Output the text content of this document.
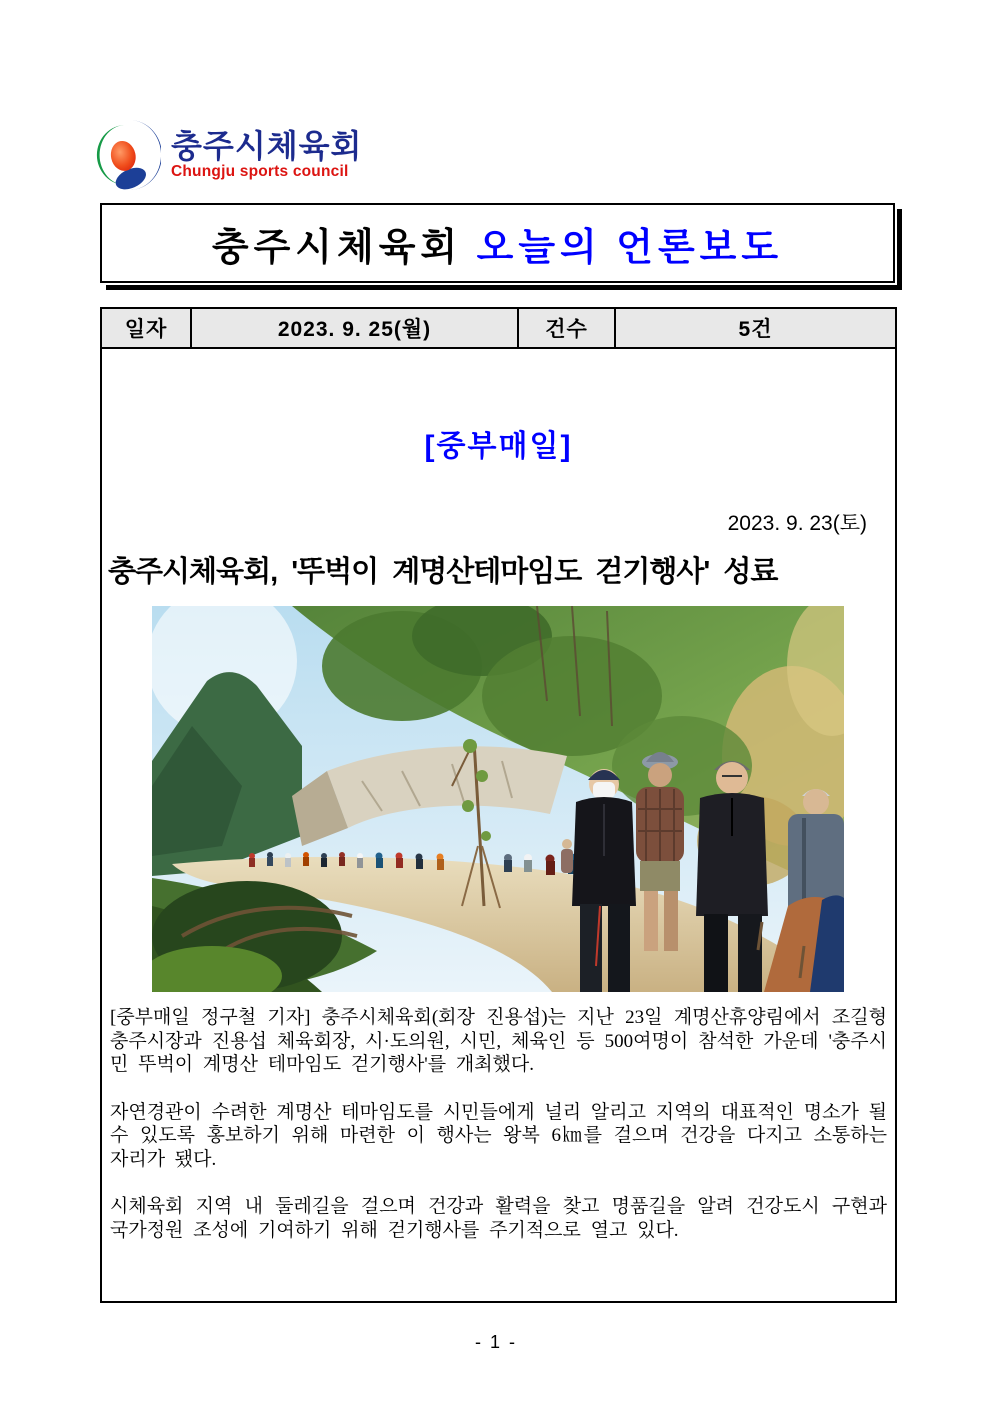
충주시체육회
Chungju sports council
충주시체육회 오늘의 언론보도
일자	2023. 9. 25(월)	건수	5건
[중부매일]
2023. 9. 23(토)
충주시체육회, '뚜벅이 계명산테마임도 걷기행사' 성료

[중부매일 정구철 기자] 충주시체육회(회장 진용섭)는 지난 23일 계명산휴양림에서 조길형 충주시장과 진용섭 체육회장, 시·도의원, 시민, 체육인 등 500여명이 참석한 가운데 '충주시민 뚜벅이 계명산 테마임도 걷기행사'를 개최했다.

자연경관이 수려한 계명산 테마임도를 시민들에게 널리 알리고 지역의 대표적인 명소가 될 수 있도록 홍보하기 위해 마련한 이 행사는 왕복 6㎞를 걸으며 건강을 다지고 소통하는 자리가 됐다.

시체육회 지역 내 둘레길을 걸으며 건강과 활력을 찾고 명품길을 알려 건강도시 구현과 국가정원 조성에 기여하기 위해 걷기행사를 주기적으로 열고 있다.

- 1 -
